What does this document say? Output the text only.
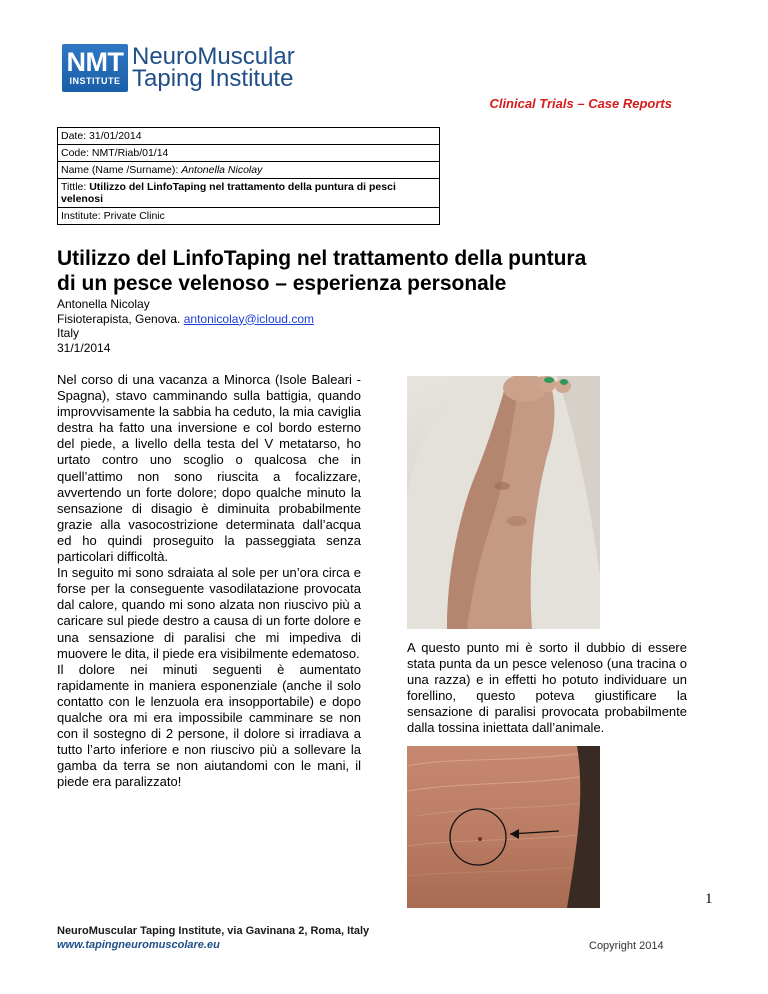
NMT
INSTITUTE
NeuroMuscular
Taping Institute
Clinical Trials – Case Reports
Date: 31/01/2014
Code: NMT/Riab/01/14
Name (Name /Surname): Antonella Nicolay
Tittle: Utilizzo del LinfoTaping nel trattamento della puntura di pesci velenosi
Institute: Private Clinic
Utilizzo del LinfoTaping nel trattamento della puntura
di un pesce velenoso – esperienza personale
Antonella Nicolay
Fisioterapista, Genova. antonicolay@icloud.com
Italy
31/1/2014

Nel corso di una vacanza a Minorca (Isole Baleari - Spagna), stavo camminando sulla battigia, quando improvvisamente la sabbia ha ceduto, la mia caviglia destra ha fatto una inversione e col bordo esterno del piede, a livello della testa del V metatarso, ho urtato contro uno scoglio o qualcosa che in quell’attimo non sono riuscita a focalizzare, avvertendo un forte dolore; dopo qualche minuto la sensazione di disagio è diminuita probabilmente grazie alla vasocostrizione determinata dall’acqua ed ho quindi proseguito la passeggiata senza particolari difficoltà.

In seguito mi sono sdraiata al sole per un’ora circa e forse per la conseguente vasodilatazione provocata dal calore, quando mi sono alzata non riuscivo più a caricare sul piede destro a causa di un forte dolore e una sensazione di paralisi che mi impediva di muovere le dita, il piede era visibilmente edematoso.

Il dolore nei minuti seguenti è aumentato rapidamente in maniera esponenziale (anche il solo contatto con le lenzuola era insopportabile) e dopo qualche ora mi era impossibile camminare se non con il sostegno di 2 persone, il dolore si irradiava a tutto l’arto inferiore e non riuscivo più a sollevare la gamba da terra se non aiutandomi con le mani, il piede era paralizzato!

A questo punto mi è sorto il dubbio di essere stata punta da un pesce velenoso (una tracina o una razza) e in effetti ho potuto individuare un forellino, questo poteva giustificare la sensazione di paralisi provocata probabilmente dalla tossina iniettata dall’animale.
1
NeuroMuscular Taping Institute, via Gavinana 2, Roma, Italy
www.tapingneuromuscolare.eu	Copyright 2014
